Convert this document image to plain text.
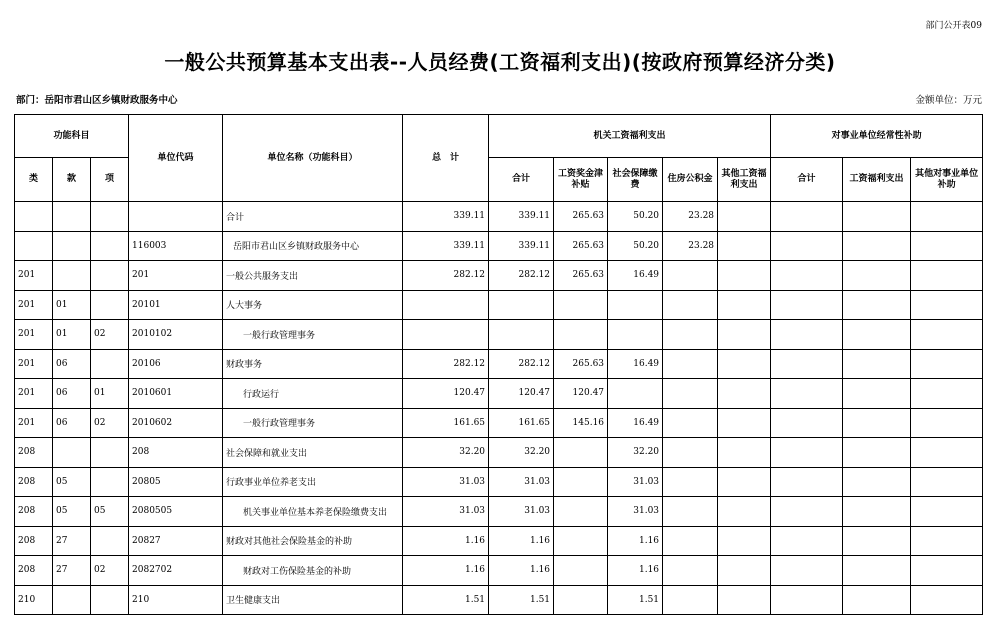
部门公开表09
一般公共预算基本支出表--人员经费(工资福利支出)(按政府预算经济分类)
部门：岳阳市君山区乡镇财政服务中心	金额单位：万元
功能科目			单位代码	单位名称（功能科目）	总　计	机关工资福利支出					对事业单位经常性补助		
类	款	项				合计	工资奖金津补贴	社会保障缴费	住房公积金	其他工资福利支出	合计	工资福利支出	其他对事业单位补助
				合计	339.11	339.11	265.63	50.20	23.28				
			116003	岳阳市君山区乡镇财政服务中心	339.11	339.11	265.63	50.20	23.28				
201			201	一般公共服务支出	282.12	282.12	265.63	16.49					
201	01		20101	人大事务									
201	01	02	2010102	一般行政管理事务									
201	06		20106	财政事务	282.12	282.12	265.63	16.49					
201	06	01	2010601	行政运行	120.47	120.47	120.47						
201	06	02	2010602	一般行政管理事务	161.65	161.65	145.16	16.49					
208			208	社会保障和就业支出	32.20	32.20		32.20					
208	05		20805	行政事业单位养老支出	31.03	31.03		31.03					
208	05	05	2080505	机关事业单位基本养老保险缴费支出	31.03	31.03		31.03					
208	27		20827	财政对其他社会保险基金的补助	1.16	1.16		1.16					
208	27	02	2082702	财政对工伤保险基金的补助	1.16	1.16		1.16					
210			210	卫生健康支出	1.51	1.51		1.51					
